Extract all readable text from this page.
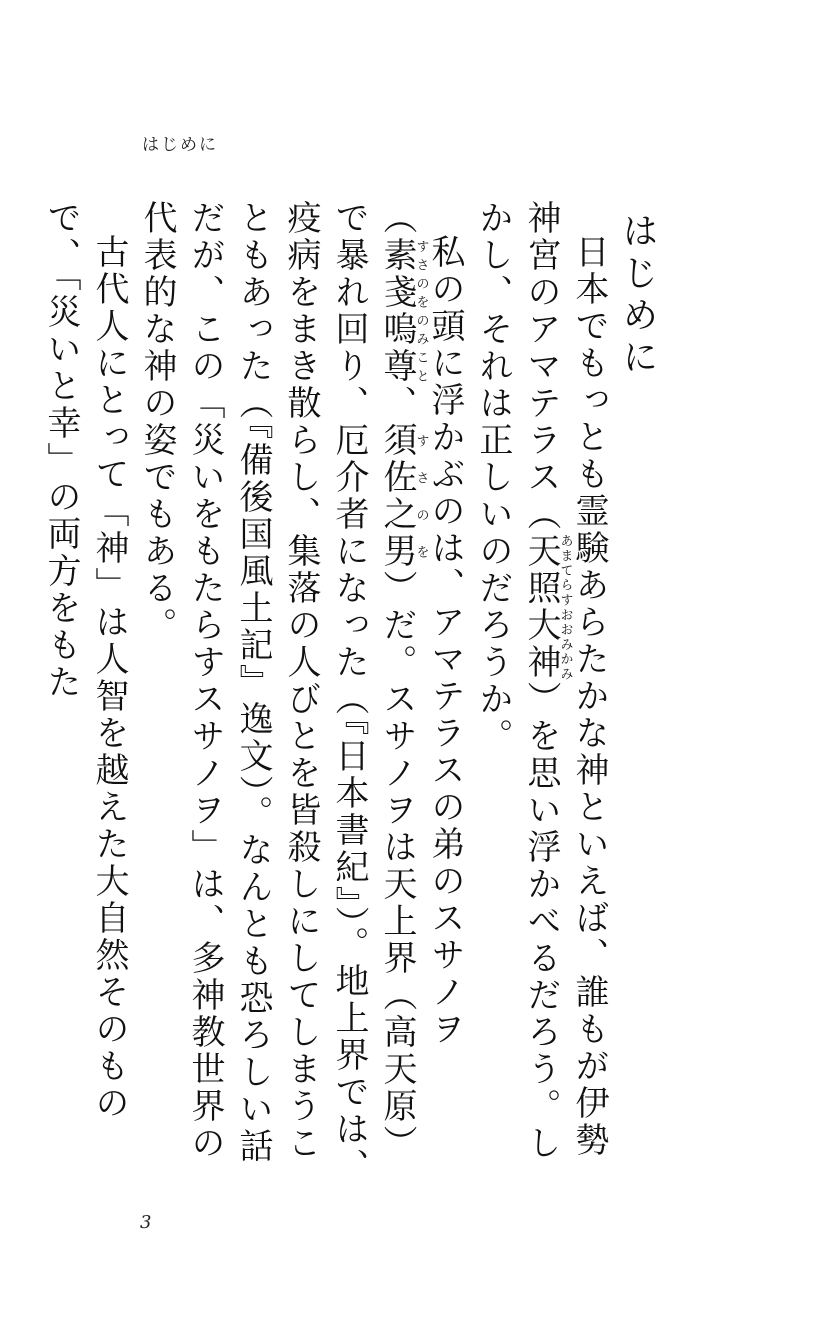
はじめに
はじめに

日本でもっとも霊験あらたかな神といえば、誰もが伊勢神宮のアマテラス（天照大神あまてらすおおみかみ）を思い浮かべるだろう。しかし、それは正しいのだろうか。

私の頭に浮かぶのは、アマテラスの弟のスサノヲ（素戔嗚尊すさのをのみこと、須佐之男すさのを）だ。スサノヲは天上界（高天原）で暴れ回り、厄介者になった（『日本書紀』）。地上界では、疫病をまき散らし、集落の人びとを皆殺しにしてしまうこともあった（『備後国風土記』逸文）。なんとも恐ろしい話だが、この「災いをもたらすスサノヲ」は、多神教世界の代表的な神の姿でもある。

古代人にとって「神」は人智を越えた大自然そのもので、「災いと幸」の両方をもた

3
